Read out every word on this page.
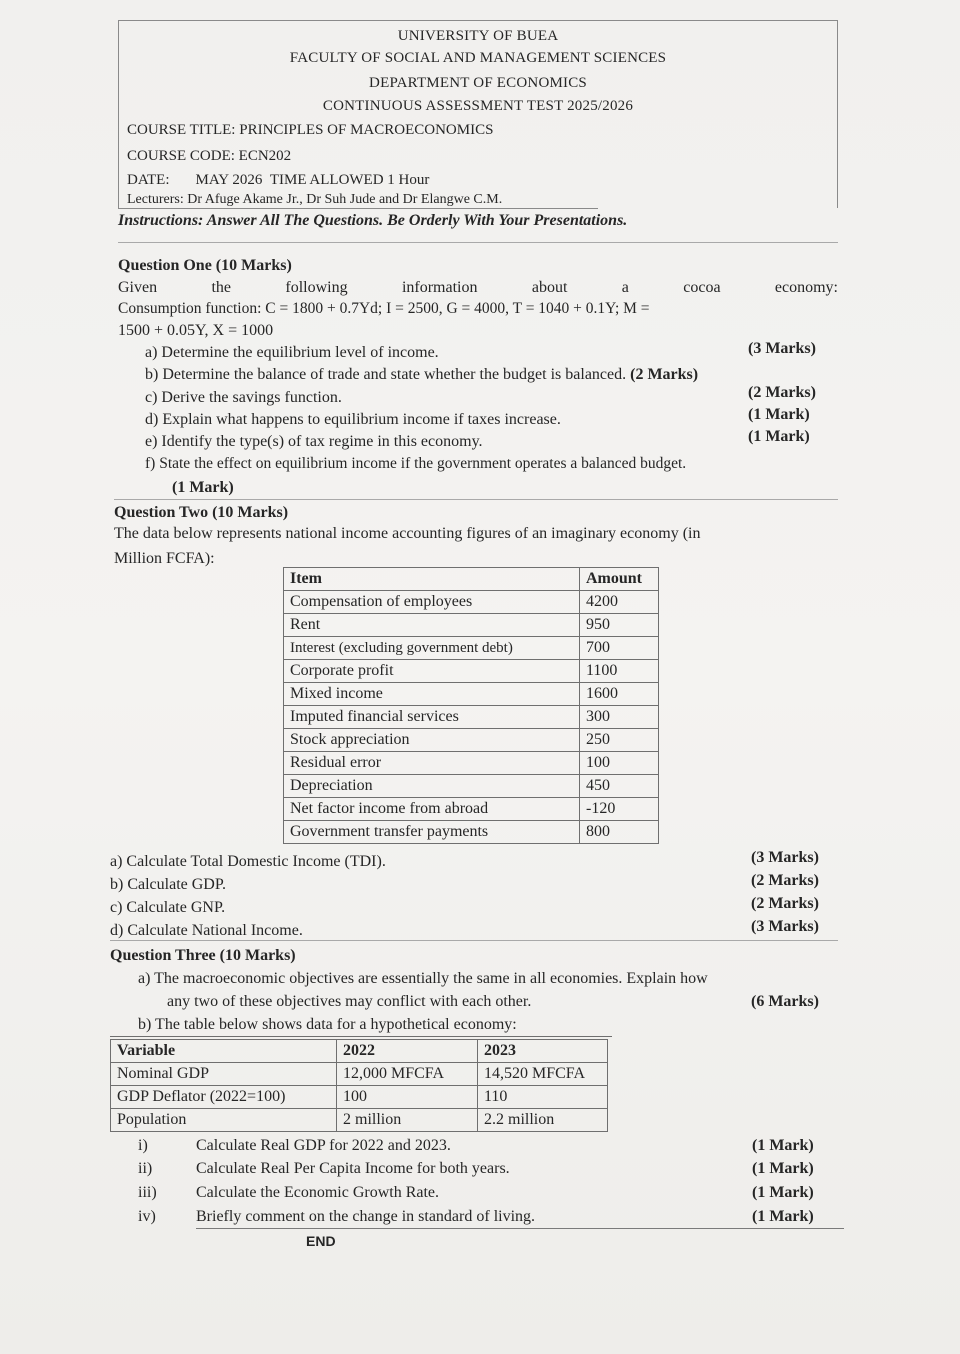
UNIVERSITY OF BUEA
FACULTY OF SOCIAL AND MANAGEMENT SCIENCES
DEPARTMENT OF ECONOMICS
CONTINUOUS ASSESSMENT TEST 2025/2026
COURSE TITLE: PRINCIPLES OF MACROECONOMICS
COURSE CODE: ECN202
DATE: MAY 2026 TIME ALLOWED 1 Hour
Lecturers: Dr Afuge Akame Jr., Dr Suh Jude and Dr Elangwe C.M.
Instructions: Answer All The Questions. Be Orderly With Your Presentations.
Question One (10 Marks)
Given	the	following	information	about	a	cocoa	economy:
Consumption function: C = 1800 + 0.7Yd; I = 2500, G = 4000, T = 1040 + 0.1Y; M =
1500 + 0.05Y, X = 1000
a) Determine the equilibrium level of income.	(3 Marks)
b) Determine the balance of trade and state whether the budget is balanced. (2 Marks)
c) Derive the savings function.	(2 Marks)
d) Explain what happens to equilibrium income if taxes increase.	(1 Mark)
e) Identify the type(s) of tax regime in this economy.	(1 Mark)
f) State the effect on equilibrium income if the government operates a balanced budget.
(1 Mark)
Question Two (10 Marks)
The data below represents national income accounting figures of an imaginary economy (in
Million FCFA):
Item	Amount
Compensation of employees	4200
Rent	950
Interest (excluding government debt)	700
Corporate profit	1100
Mixed income	1600
Imputed financial services	300
Stock appreciation	250
Residual error	100
Depreciation	450
Net factor income from abroad	-120
Government transfer payments	800
a) Calculate Total Domestic Income (TDI).	(3 Marks)
b) Calculate GDP.	(2 Marks)
c) Calculate GNP.	(2 Marks)
d) Calculate National Income.	(3 Marks)
Question Three (10 Marks)
a) The macroeconomic objectives are essentially the same in all economies. Explain how
any two of these objectives may conflict with each other.	(6 Marks)
b) The table below shows data for a hypothetical economy:
Variable	2022	2023
Nominal GDP	12,000 MFCFA	14,520 MFCFA
GDP Deflator (2022=100)	100	110
Population	2 million	2.2 million
i)	Calculate Real GDP for 2022 and 2023.	(1 Mark)
ii)	Calculate Real Per Capita Income for both years.	(1 Mark)
iii) Calculate the Economic Growth Rate.	(1 Mark)
iv)	Briefly comment on the change in standard of living.	(1 Mark)
END
